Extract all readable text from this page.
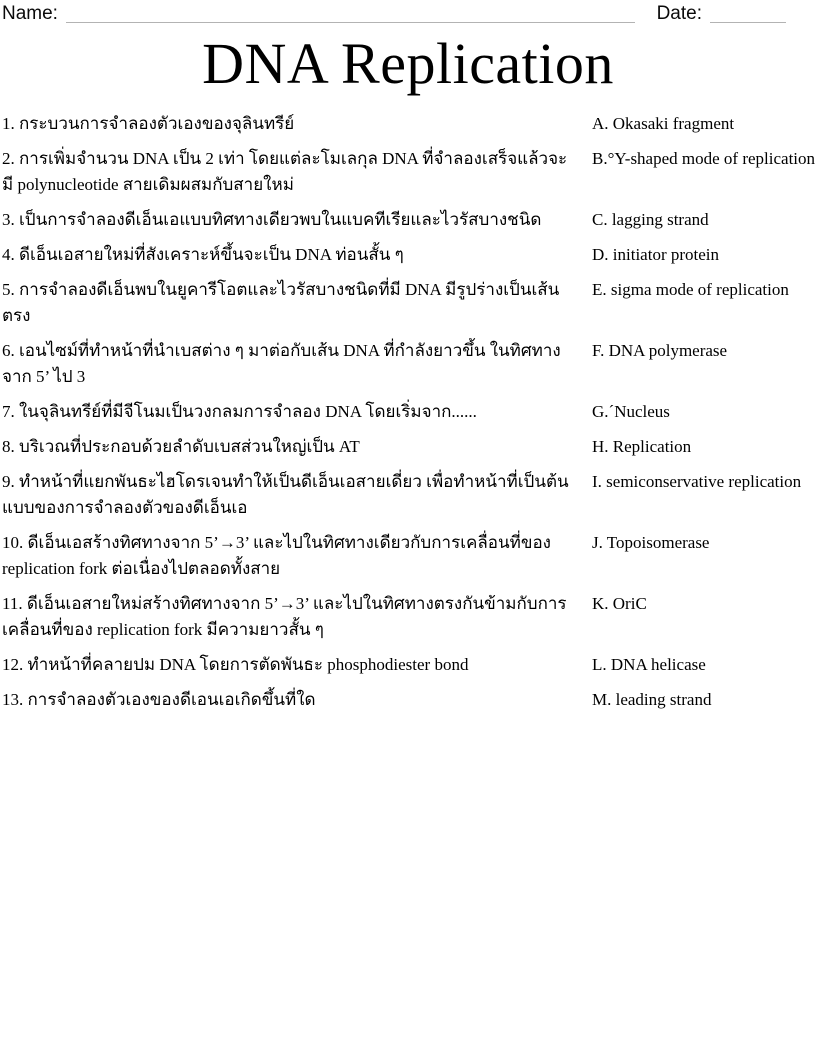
Name:	Date:
DNA Replication
1. กระบวนการจำลองตัวเองของจุลินทรีย์	A. Okasaki fragment
2. การเพิ่มจำนวน DNA เป็น 2 เท่า โดยแต่ละโมเลกุล DNA ที่จำลองเสร็จแล้วจะมี polynucleotide สายเดิมผสมกับสายใหม่
B.°Y-shaped mode of replication
3. เป็นการจำลองดีเอ็นเอแบบทิศทางเดียวพบในแบคทีเรียและไวรัสบางชนิด	C. lagging strand
4. ดีเอ็นเอสายใหม่ที่สังเคราะห์ขึ้นจะเป็น DNA ท่อนสั้น ๆ	D. initiator protein
5. การจำลองดีเอ็นพบในยูคารีโอตและไวรัสบางชนิดที่มี DNA มีรูปร่างเป็นเส้นตรง
E. sigma mode of replication
6. เอนไซม์ที่ทำหน้าที่นำเบสต่าง ๆ มาต่อกับเส้น DNA ที่กำลังยาวขึ้น ในทิศทางจาก 5’ ไป 3
F. DNA polymerase
7. ในจุลินทรีย์ที่มีจีโนมเป็นวงกลมการจำลอง DNA โดยเริ่มจาก......	G.´Nucleus
8. บริเวณที่ประกอบด้วยลำดับเบสส่วนใหญ่เป็น AT	H. Replication
9. ทำหน้าที่แยกพันธะไฮโดรเจนทำให้เป็นดีเอ็นเอสายเดี่ยว เพื่อทำหน้าที่เป็นต้นแบบของการจำลองตัวของดีเอ็นเอ
I. semiconservative replication
10. ดีเอ็นเอสร้างทิศทางจาก 5’→3’ และไปในทิศทางเดียวกับการเคลื่อนที่ของ replication fork ต่อเนื่องไปตลอดทั้งสาย
J. Topoisomerase
11. ดีเอ็นเอสายใหม่สร้างทิศทางจาก 5’→3’ และไปในทิศทางตรงกันข้ามกับการเคลื่อนที่ของ replication fork มีความยาวสั้น ๆ
K. OriC
12. ทำหน้าที่คลายปม DNA โดยการตัดพันธะ phosphodiester bond	L. DNA helicase
13. การจำลองตัวเองของดีเอนเอเกิดขึ้นที่ใด	M. leading strand
